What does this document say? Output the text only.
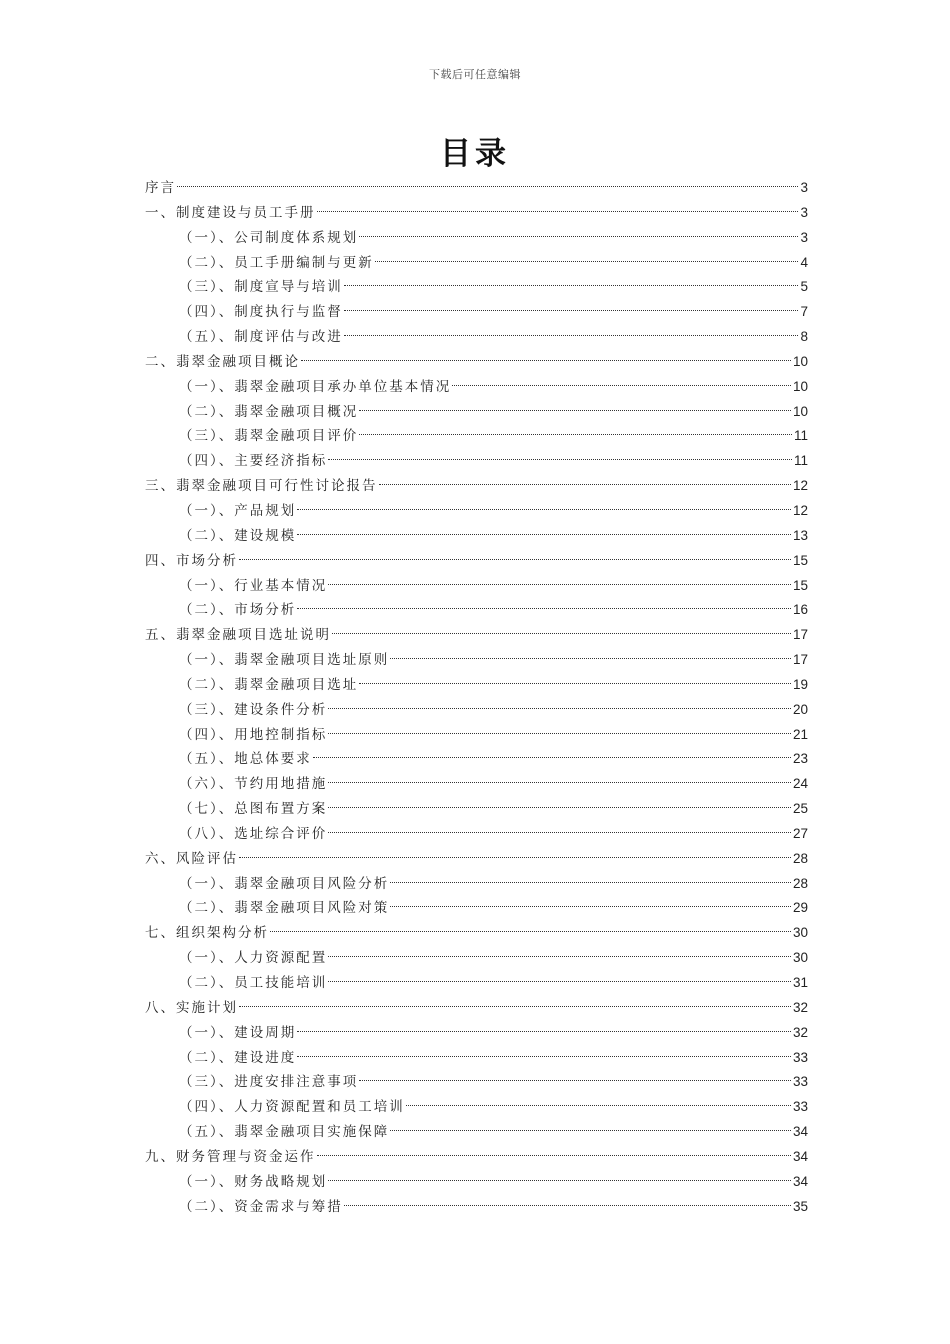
下载后可任意编辑
目录
序言	3
一、制度建设与员工手册	3
（一）、公司制度体系规划	3
（二）、员工手册编制与更新	4
（三）、制度宣导与培训	5
（四）、制度执行与监督	7
（五）、制度评估与改进	8
二、翡翠金融项目概论	10
（一）、翡翠金融项目承办单位基本情况	10
（二）、翡翠金融项目概况	10
（三）、翡翠金融项目评价	11
（四）、主要经济指标	11
三、翡翠金融项目可行性讨论报告	12
（一）、产品规划	12
（二）、建设规模	13
四、市场分析	15
（一）、行业基本情况	15
（二）、市场分析	16
五、翡翠金融项目选址说明	17
（一）、翡翠金融项目选址原则	17
（二）、翡翠金融项目选址	19
（三）、建设条件分析	20
（四）、用地控制指标	21
（五）、地总体要求	23
（六）、节约用地措施	24
（七）、总图布置方案	25
（八）、选址综合评价	27
六、风险评估	28
（一）、翡翠金融项目风险分析	28
（二）、翡翠金融项目风险对策	29
七、组织架构分析	30
（一）、人力资源配置	30
（二）、员工技能培训	31
八、实施计划	32
（一）、建设周期	32
（二）、建设进度	33
（三）、进度安排注意事项	33
（四）、人力资源配置和员工培训	33
（五）、翡翠金融项目实施保障	34
九、财务管理与资金运作	34
（一）、财务战略规划	34
（二）、资金需求与筹措	35
